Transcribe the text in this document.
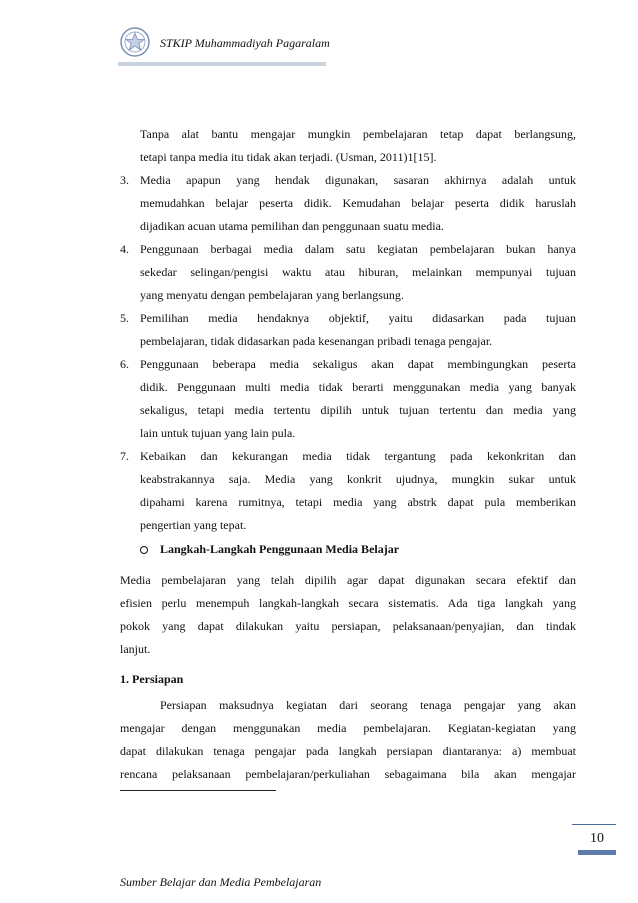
STKIP Muhammadiyah Pagaralam
Tanpa alat bantu mengajar mungkin pembelajaran tetap dapat berlangsung,
tetapi tanpa media itu tidak akan terjadi. (Usman, 2011)1[15].
3. Media apapun yang hendak digunakan, sasaran akhirnya adalah untuk
memudahkan belajar peserta didik. Kemudahan belajar peserta didik haruslah
dijadikan acuan utama pemilihan dan penggunaan suatu media.
4. Penggunaan berbagai media dalam satu kegiatan pembelajaran bukan hanya
sekedar selingan/pengisi waktu atau hiburan, melainkan mempunyai tujuan
yang menyatu dengan pembelajaran yang berlangsung.
5. Pemilihan media hendaknya objektif, yaitu didasarkan pada tujuan
pembelajaran, tidak didasarkan pada kesenangan pribadi tenaga pengajar.
6. Penggunaan beberapa media sekaligus akan dapat membingungkan peserta
didik. Penggunaan multi media tidak berarti menggunakan media yang banyak
sekaligus, tetapi media tertentu dipilih untuk tujuan tertentu dan media yang
lain untuk tujuan yang lain pula.
7. Kebaikan dan kekurangan media tidak tergantung pada kekonkritan dan
keabstrakannya saja. Media yang konkrit ujudnya, mungkin sukar untuk
dipahami karena rumitnya, tetapi media yang abstrk dapat pula memberikan
pengertian yang tepat.
Langkah-Langkah Penggunaan Media Belajar
Media pembelajaran yang telah dipilih agar dapat digunakan secara efektif dan
efisien perlu menempuh langkah-langkah secara sistematis. Ada tiga langkah yang
pokok yang dapat dilakukan yaitu persiapan, pelaksanaan/penyajian, dan tindak
lanjut.
1. Persiapan
Persiapan maksudnya kegiatan dari seorang tenaga pengajar yang akan
mengajar dengan menggunakan media pembelajaran. Kegiatan-kegiatan yang
dapat dilakukan tenaga pengajar pada langkah persiapan diantaranya: a) membuat
rencana pelaksanaan pembelajaran/perkuliahan sebagaimana bila akan mengajar
10
Sumber Belajar dan Media Pembelajaran
